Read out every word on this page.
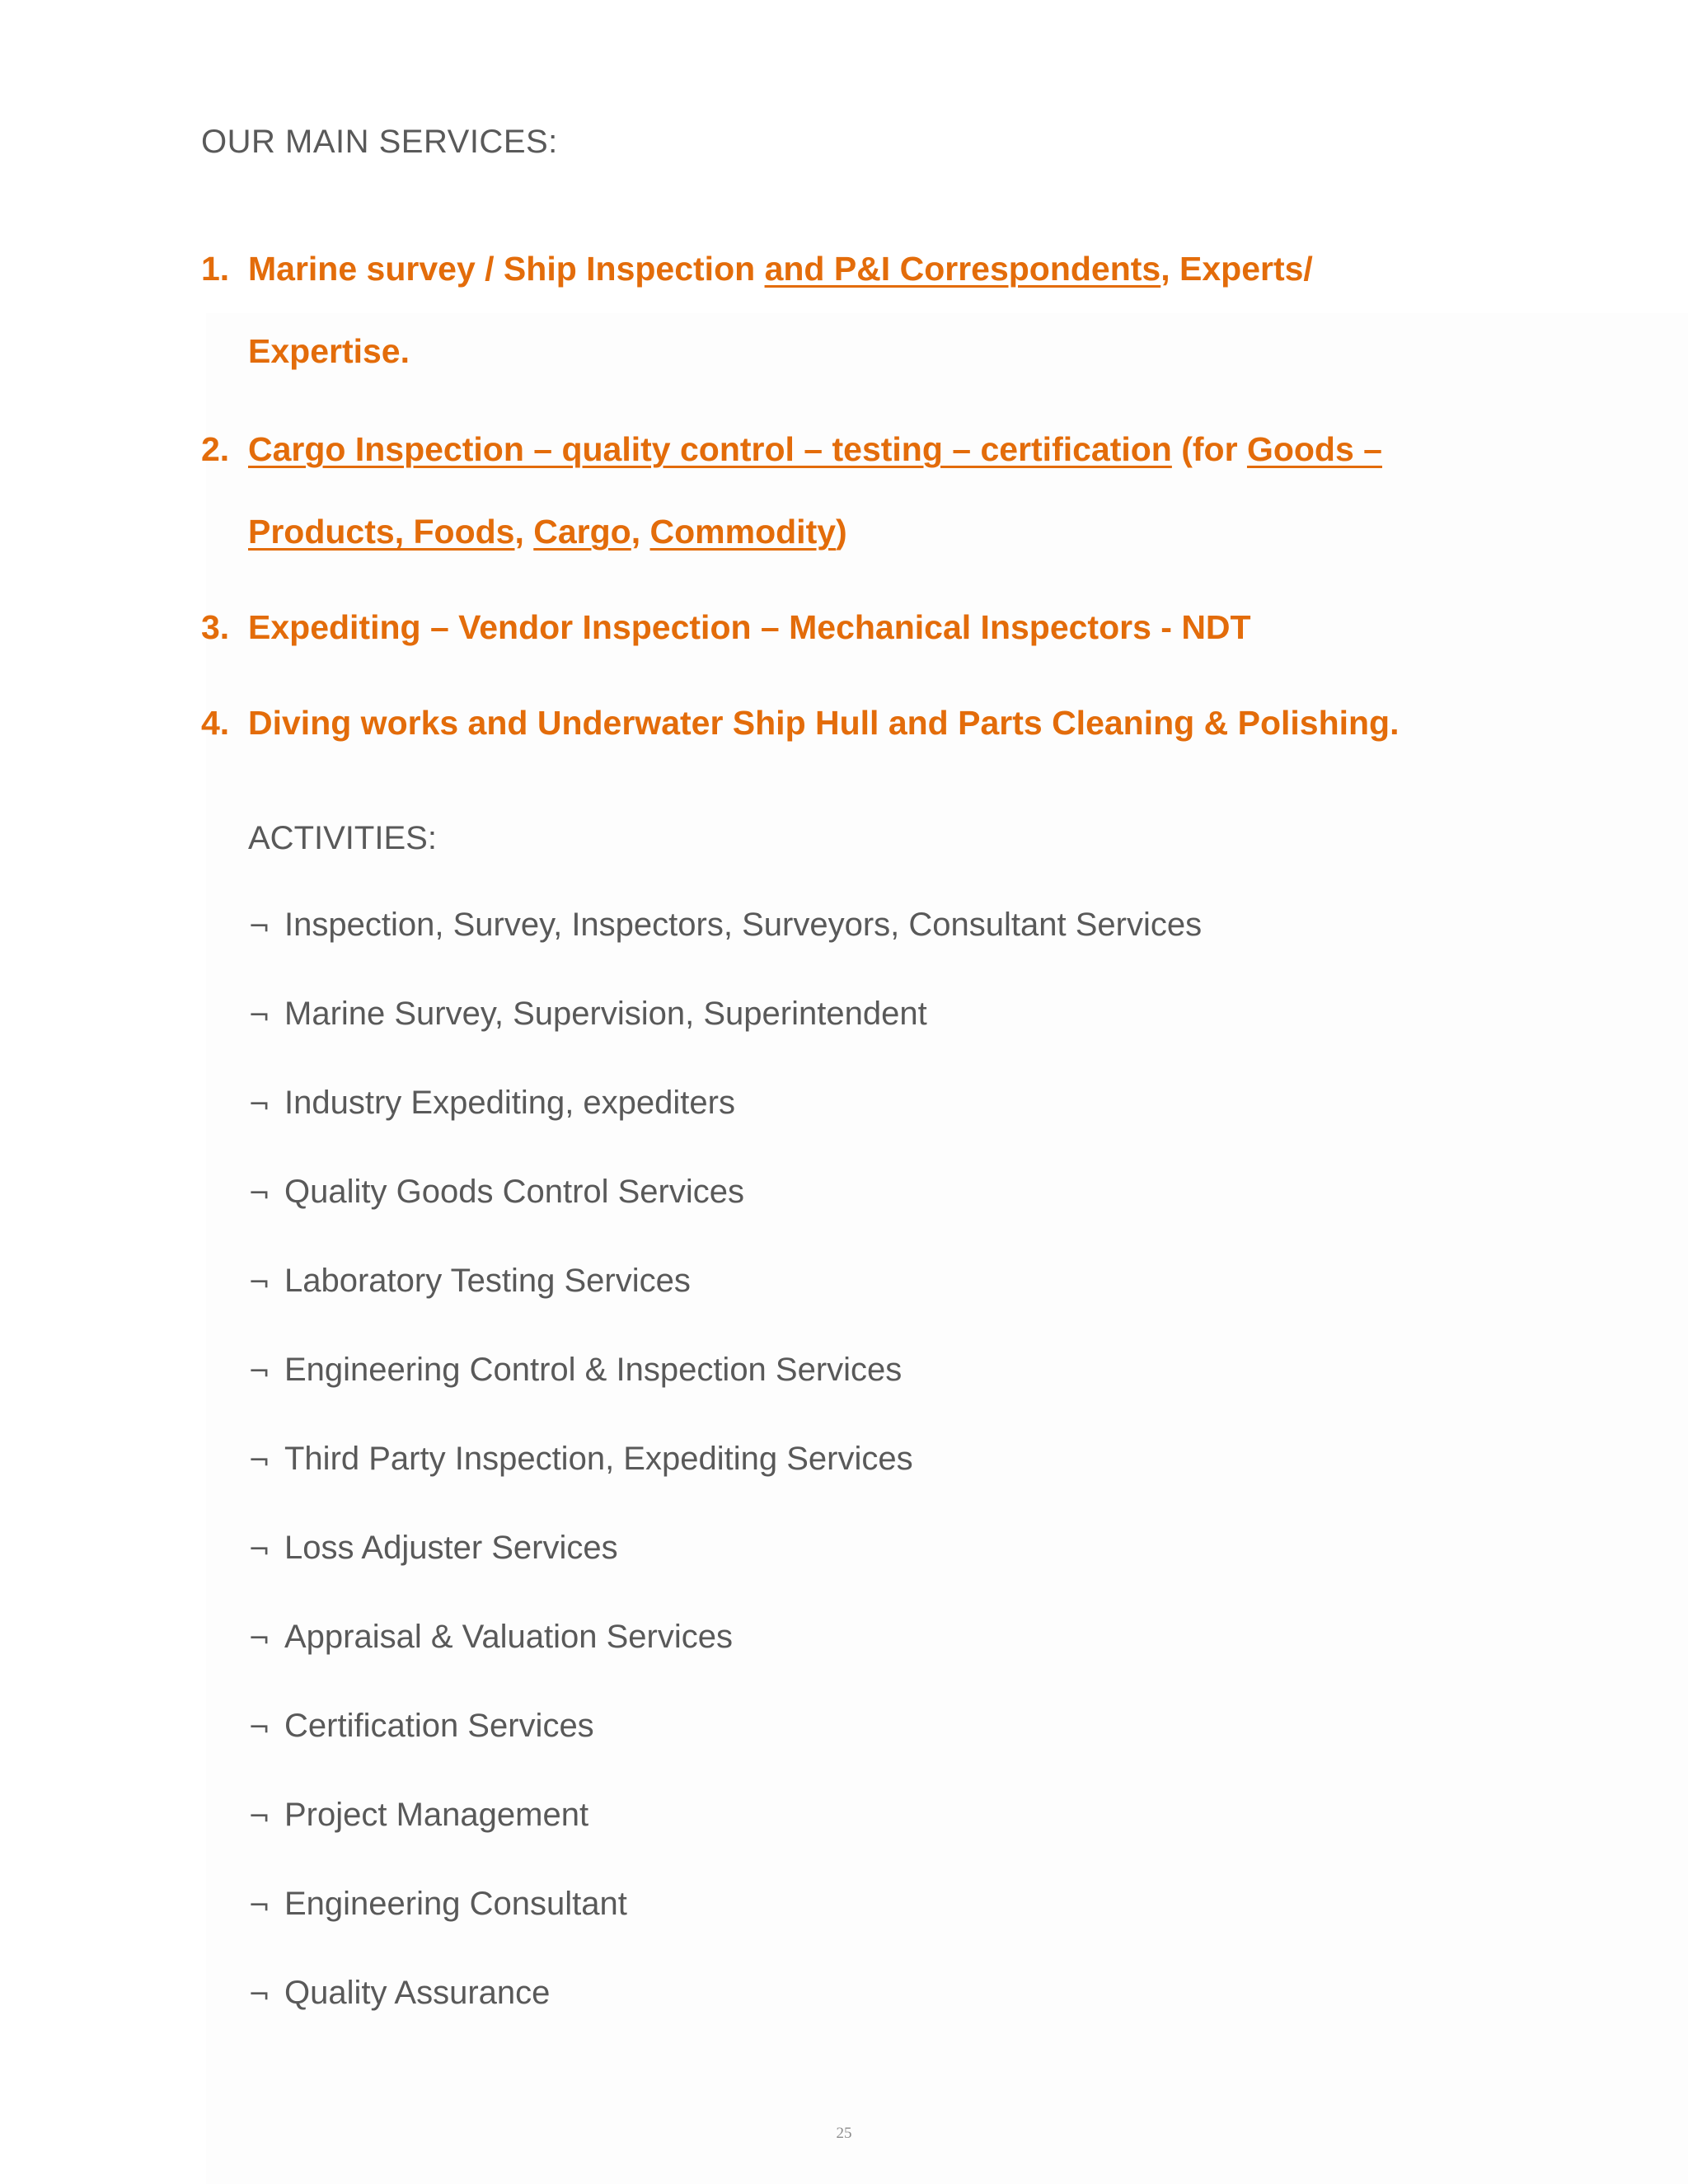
OUR MAIN SERVICES:
1. Marine survey / Ship Inspection and P&I Correspondents, Experts/
Expertise.
2. Cargo Inspection – quality control – testing – certification (for Goods –
Products, Foods, Cargo, Commodity)
3. Expediting – Vendor Inspection – Mechanical Inspectors - NDT
4. Diving works and Underwater Ship Hull and Parts Cleaning & Polishing.
ACTIVITIES:
¬ Inspection, Survey, Inspectors, Surveyors, Consultant Services
¬ Marine Survey, Supervision, Superintendent
¬ Industry Expediting, expediters
¬ Quality Goods Control Services
¬ Laboratory Testing Services
¬ Engineering Control & Inspection Services
¬ Third Party Inspection, Expediting Services
¬ Loss Adjuster Services
¬ Appraisal & Valuation Services
¬ Certification Services
¬ Project Management
¬ Engineering Consultant
¬ Quality Assurance
25
